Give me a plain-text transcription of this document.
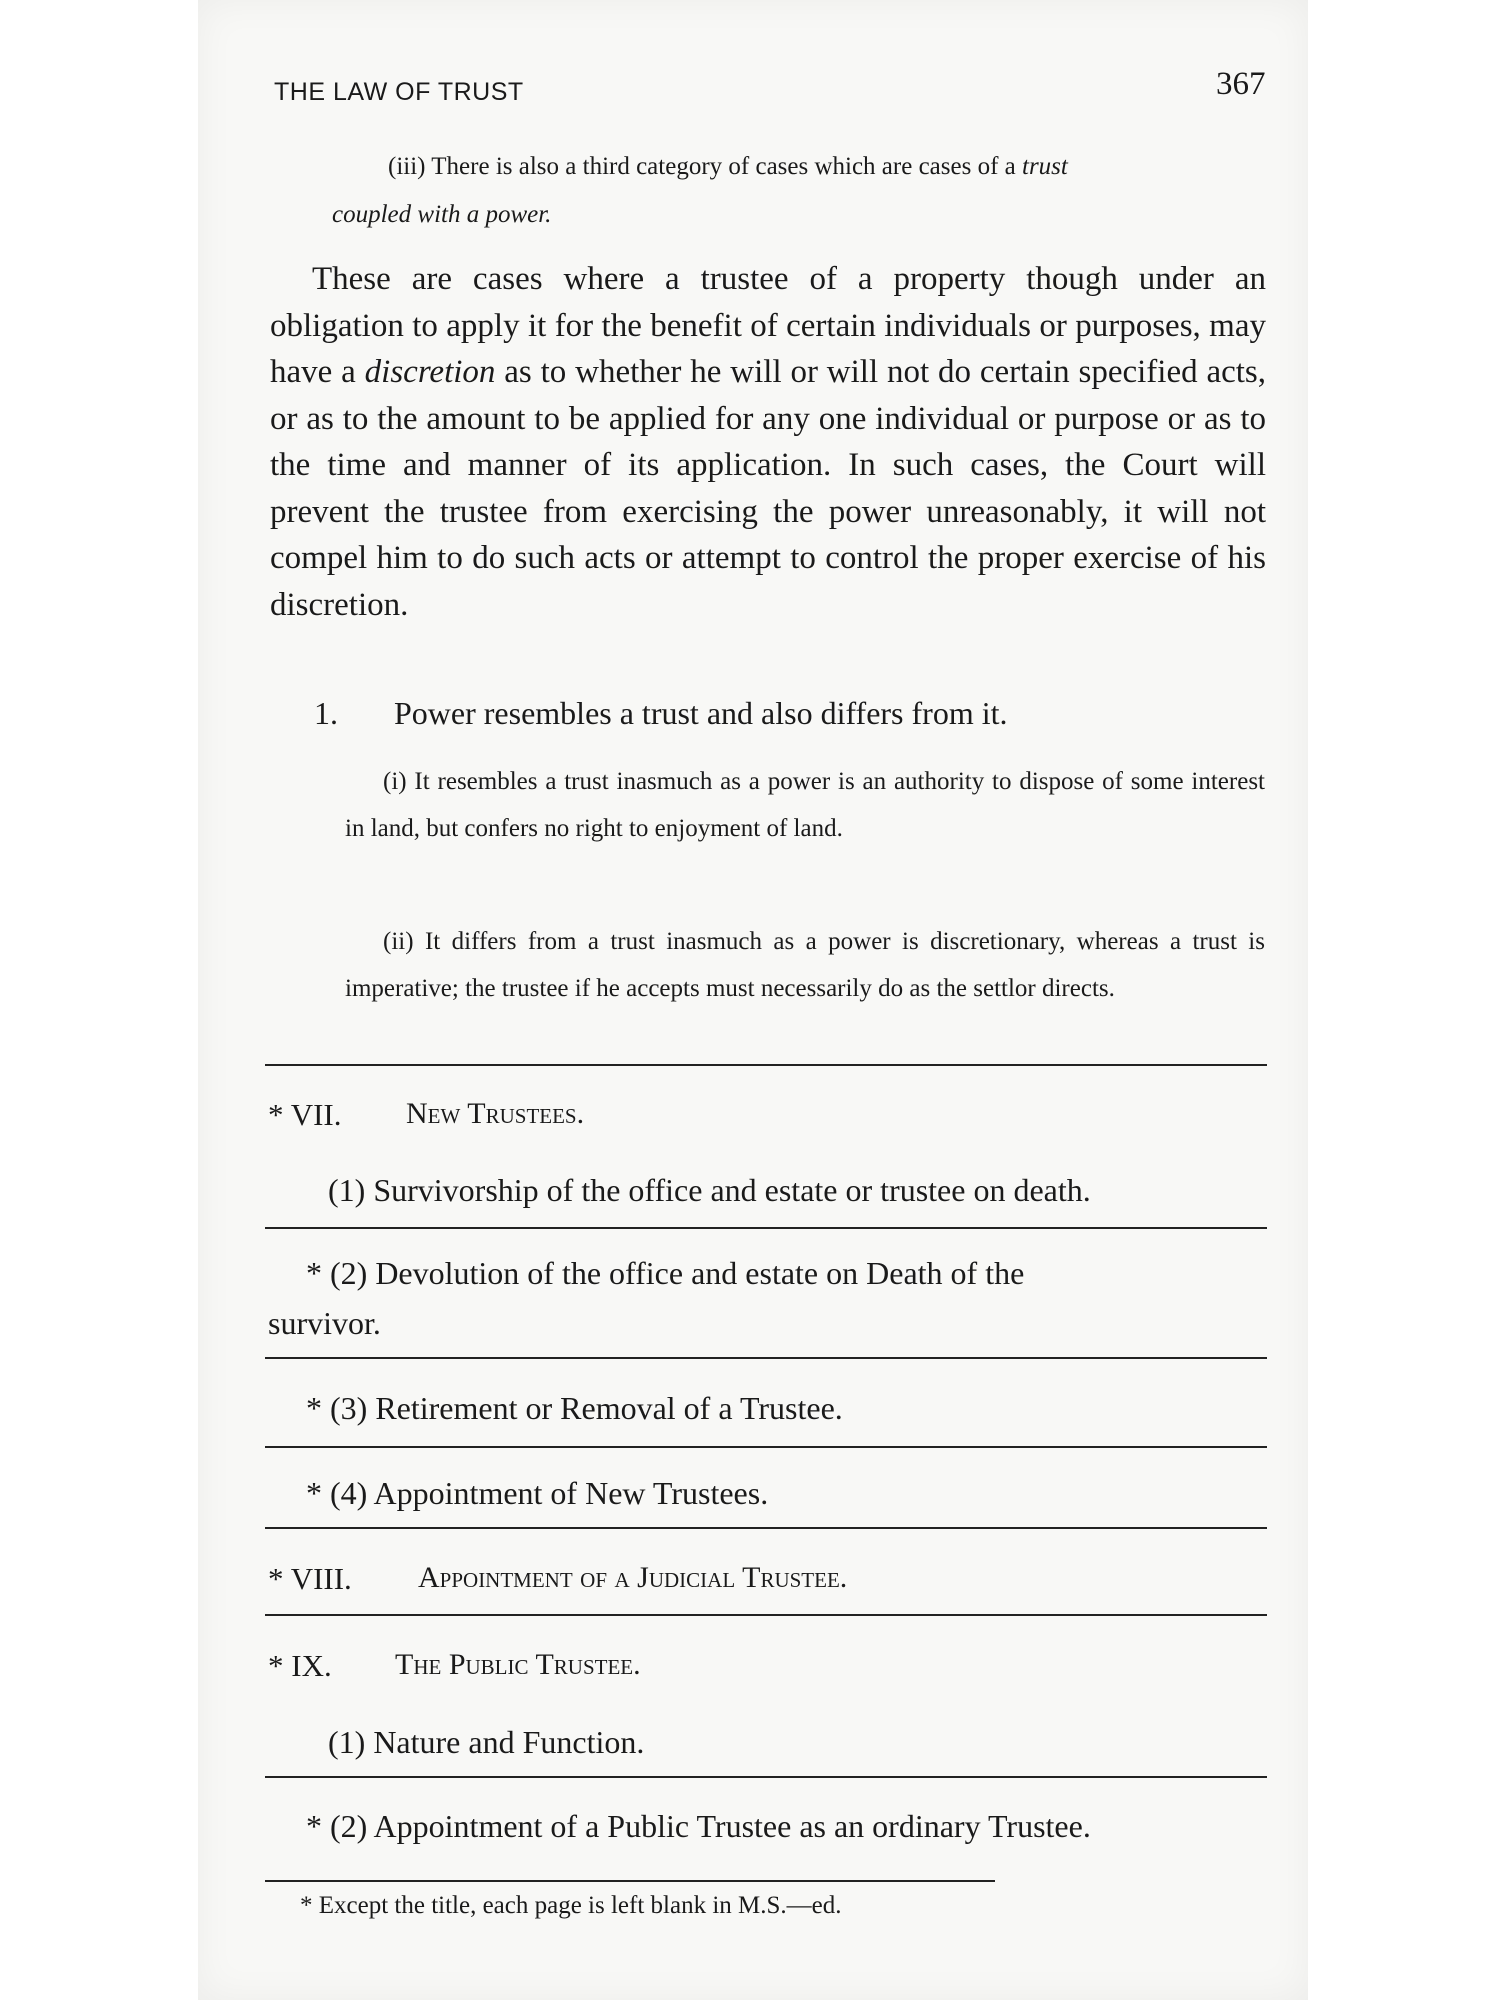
THE LAW OF TRUST	367
(iii) There is also a third category of cases which are cases of a trust
coupled with a power.
These are cases where a trustee of a property though under an obligation to apply it for the benefit of certain individuals or purposes, may have a discretion as to whether he will or will not do certain specified acts, or as to the amount to be applied for any one individual or purpose or as to the time and manner of its application. In such cases, the Court will prevent the trustee from exercising the power unreasonably, it will not compel him to do such acts or attempt to control the proper exercise of his discretion.
1. Power resembles a trust and also differs from it.
(i) It resembles a trust inasmuch as a power is an authority to dispose of some interest in land, but confers no right to enjoyment of land.
(ii) It differs from a trust inasmuch as a power is discretionary, whereas a trust is imperative; the trustee if he accepts must necessarily do as the settlor directs.
* VII. New Trustees.
(1) Survivorship of the office and estate or trustee on death.
* (2) Devolution of the office and estate on Death of the
survivor.
* (3) Retirement or Removal of a Trustee.
* (4) Appointment of New Trustees.
* VIII. Appointment of a Judicial Trustee.
* IX. The Public Trustee.
(1) Nature and Function.
* (2) Appointment of a Public Trustee as an ordinary Trustee.
* Except the title, each page is left blank in M.S.—ed.
